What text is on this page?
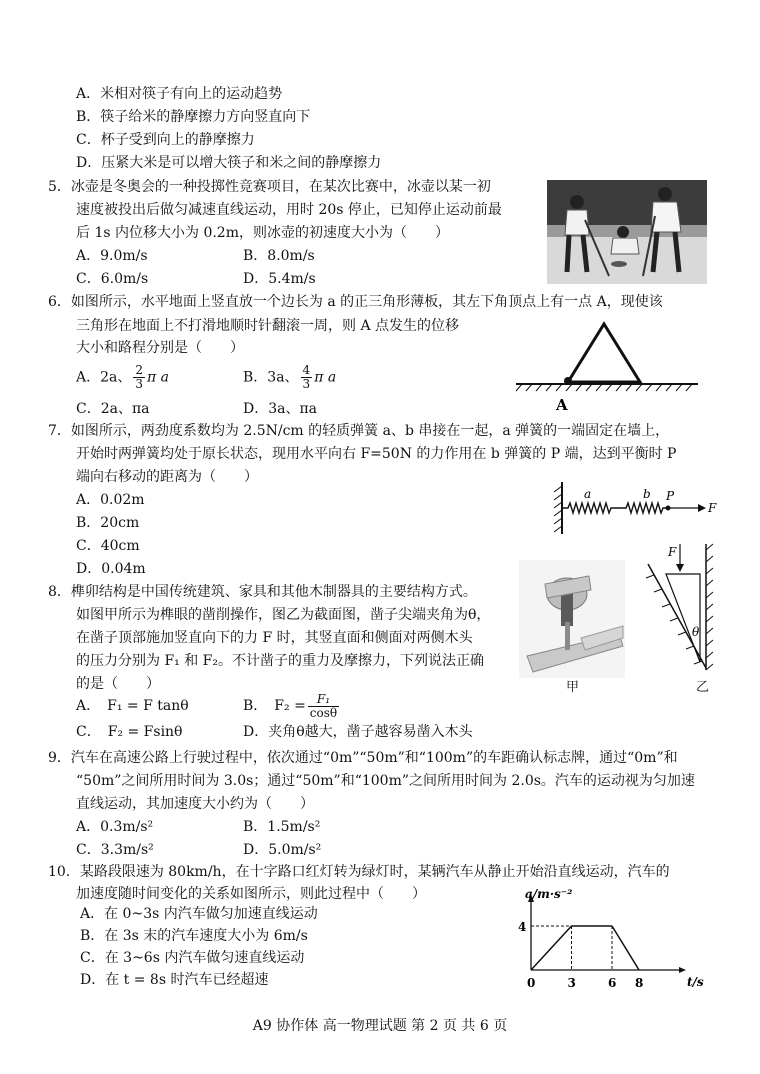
A．米相对筷子有向上的运动趋势
B．筷子给米的静摩擦力方向竖直向下
C．杯子受到向上的静摩擦力
D．压紧大米是可以增大筷子和米之间的静摩擦力
5．冰壶是冬奥会的一种投掷性竞赛项目，在某次比赛中，冰壶以某一初
速度被投出后做匀减速直线运动，用时 20s 停止，已知停止运动前最
后 1s 内位移大小为 0.2m，则冰壶的初速度大小为（　　）
A．9.0m/s	B．8.0m/s
C．6.0m/s	D．5.4m/s
6．如图所示，水平地面上竖直放一个边长为 a 的正三角形薄板，其左下角顶点上有一点 A，现使该
三角形在地面上不打滑地顺时针翻滚一周，则 A 点发生的位移
大小和路程分别是（　　）
A．2a、 $\frac{2}{3}$ π a	B．3a、 $\frac{4}{3}$ π a
C．2a、πa	D．3a、πa	A
7．如图所示，两劲度系数均为 2.5N/cm 的轻质弹簧 a、b 串接在一起，a 弹簧的一端固定在墙上，
开始时两弹簧均处于原长状态，现用水平向右 F=50N 的力作用在 b 弹簧的 P 端，达到平衡时 P
端向右移动的距离为（　　）
A．0.02m
B．20cm
C．40cm
D．0.04m
a	b P
F
8．榫卯结构是中国传统建筑、家具和其他木制器具的主要结构方式。
如图甲所示为榫眼的凿削操作，图乙为截面图，凿子尖端夹角为θ，
在凿子顶部施加竖直向下的力 F 时，其竖直面和侧面对两侧木头
的压力分别为 F₁ 和 F₂。不计凿子的重力及摩擦力，下列说法正确
的是（　　）
A．　F₁ = F tanθ	B．　$F_2 = \frac{\text{F₁}}{\cos\theta}$
C．　F₂ = Fsinθ	D．夹角θ越大，凿子越容易凿入木头
甲
F
θ
乙
9．汽车在高速公路上行驶过程中，依次通过“0m”“50m”和“100m”的车距确认标志牌，通过“0m”和
“50m”之间所用时间为 3.0s；通过“50m”和“100m”之间所用时间为 2.0s。汽车的运动视为匀加速
直线运动，其加速度大小约为（　　）
A．0.3m/s²	B．1.5m/s²
C．3.3m/s²	D．5.0m/s²
10．某路段限速为 80km/h，在十字路口红灯转为绿灯时，某辆汽车从静止开始沿直线运动，汽车的
加速度随时间变化的关系如图所示，则此过程中（　　）
A．在 0~3s 内汽车做匀加速直线运动
B．在 3s 末的汽车速度大小为 6m/s
C．在 3~6s 内汽车做匀速直线运动
D．在 t = 8s 时汽车已经超速
a/m·s⁻²
t/s
0	3	6 8
4
A9 协作体 高一物理试题 第 2 页 共 6 页
